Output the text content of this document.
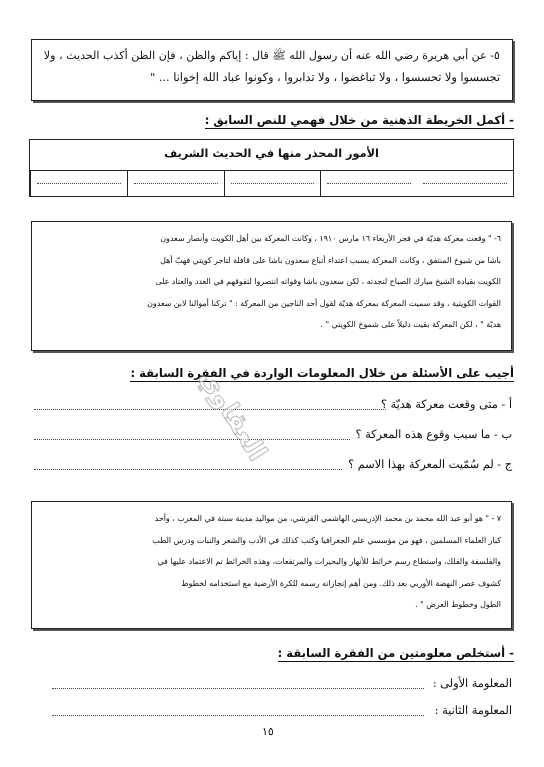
٥- عن أبي هريرة رضي الله عنه أن رسول الله ﷺ قال : إياكم والظن ، فإن الظن أكذب الحديث ، ولا
تجسسوا ولا تحسسوا ، ولا تباغضوا ، ولا تدابروا ، وكونوا عباد الله إخوانا ... "
- أكمل الخريطة الذهنية من خلال فهمي للنص السابق :
الأمور المحذر منها في الحديث الشريف
٦- " وقعت معركة هديّة في فجر الأربعاء ١٦ مارس ١٩١٠ ، وكانت المعركة بين أهل الكويت وأنصار سعدون
باشا من شيوخ المنتفق ، وكانت المعركة بسبب اعتداء أتباع سعدون باشا على قافلة لتاجر كويتي فهبّ أهل
الكويت بقيادة الشيخ مبارك الصباح لنجدته ، لكن سعدون باشا وقواته انتصروا لتفوقهم في العدد والعتاد على
القوات الكويتية ، وقد سميت المعركة بمعركة هديّة لقول أحد الناجين من المعركة : " تركنا أموالنا لابن سعدون
هديّة " ، لكن المعركة بقيت دليلاً على شموخ الكويتي " .
أجيب على الأسئلة من خلال المعلومات الواردة في الفقرة السابقة :
أ - متى وقعت معركة هديّة ؟
ب - ما سبب وقوع هذه المعركة ؟
ج - لم سُمّيت المعركة بهذا الاسم ؟
العقاوي
٧ - " هو أبو عبد الله محمد بن محمد الإدريسي الهاشمي القرشي، من مواليد مدينة سبتة في المغرب ، وأحد
كبار العلماء المسلمين ، فهو من مؤسسي علم الجغرافيا وكتب كذلك في الأدب والشعر والنبات ودرس الطب
والفلسفة والفلك، واستطاع رسم خرائط للأنهار والبحيرات والمرتفعات، وهذه الخرائط تم الاعتماد عليها في
كشوف عصر النهضة الأوربي بعد ذلك. ومن أهم إنجازاته رسمه للكرة الأرضية مع استخدامه لخطوط
الطول وخطوط العرض " .
- أستخلص معلومتين من الفقرة السابقة :
المعلومة الأولى :
المعلومة الثانية :
١٥
